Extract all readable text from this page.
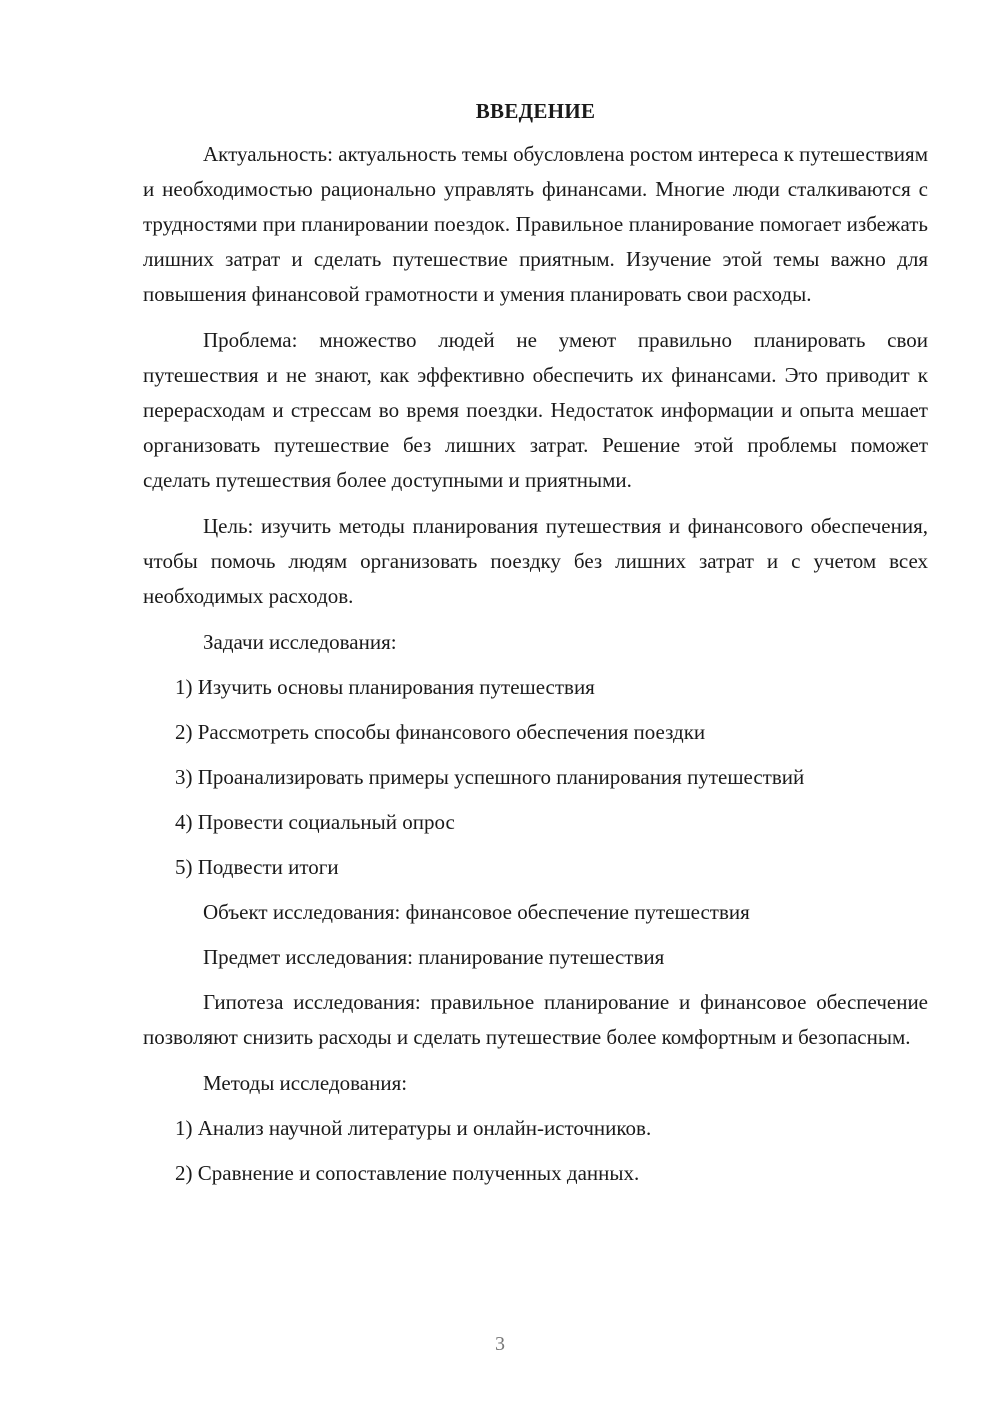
ВВЕДЕНИЕ

Актуальность: актуальность темы обусловлена ростом интереса к путешествиям и необходимостью рационально управлять финансами. Многие люди сталкиваются с трудностями при планировании поездок. Правильное планирование помогает избежать лишних затрат и сделать путешествие приятным. Изучение этой темы важно для повышения финансовой грамотности и умения планировать свои расходы.

Проблема: множество людей не умеют правильно планировать свои путешествия и не знают, как эффективно обеспечить их финансами. Это приводит к перерасходам и стрессам во время поездки. Недостаток информации и опыта мешает организовать путешествие без лишних затрат. Решение этой проблемы поможет сделать путешествия более доступными и приятными.

Цель: изучить методы планирования путешествия и финансового обеспечения, чтобы помочь людям организовать поездку без лишних затрат и с учетом всех необходимых расходов.

Задачи исследования:
1) Изучить основы планирования путешествия
2) Рассмотреть способы финансового обеспечения поездки
3) Проанализировать примеры успешного планирования путешествий
4) Провести социальный опрос
5) Подвести итоги
Объект исследования: финансовое обеспечение путешествия
Предмет исследования: планирование путешествия

Гипотеза исследования: правильное планирование и финансовое обеспечение позволяют снизить расходы и сделать путешествие более комфортным и безопасным.

Методы исследования:
1) Анализ научной литературы и онлайн-источников.
2) Сравнение и сопоставление полученных данных.
3
